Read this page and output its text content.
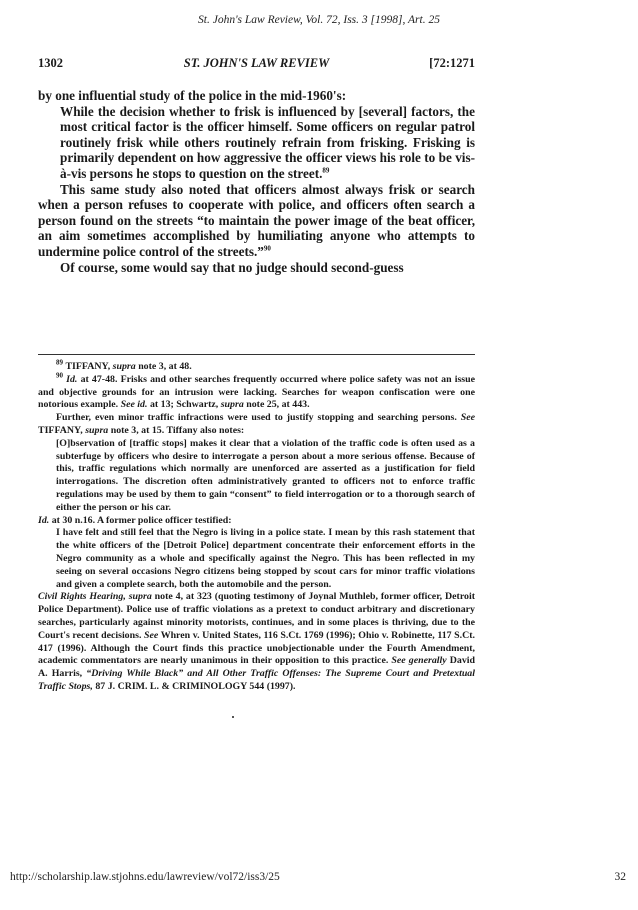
St. John's Law Review, Vol. 72, Iss. 3 [1998], Art. 25
1302	ST. JOHN'S LAW REVIEW	[72:1271

by one influential study of the police in the mid-1960's:

While the decision whether to frisk is influenced by [several] factors, the most critical factor is the officer himself. Some officers on regular patrol routinely frisk while others routinely refrain from frisking. Frisking is primarily dependent on how aggressive the officer views his role to be vis-à-vis persons he stops to question on the street.$^{89}$

This same study also noted that officers almost always frisk or search when a person refuses to cooperate with police, and officers often search a person found on the streets “to maintain the power image of the beat officer, an aim sometimes accomplished by humiliating anyone who attempts to undermine police control of the streets.”$^{90}$

Of course, some would say that no judge should second-guess

$^{89}$ TIFFANY, supra note 3, at 48.

$^{90}$ Id. at 47-48. Frisks and other searches frequently occurred where police safety was not an issue and objective grounds for an intrusion were lacking. Searches for weapon confiscation were one notorious example. See id. at 13; Schwartz, supra note 25, at 443.

Further, even minor traffic infractions were used to justify stopping and searching persons. See TIFFANY, supra note 3, at 15. Tiffany also notes:

[O]bservation of [traffic stops] makes it clear that a violation of the traffic code is often used as a subterfuge by officers who desire to interrogate a person about a more serious offense. Because of this, traffic regulations which normally are unenforced are asserted as a justification for field interrogations. The discretion often administratively granted to officers not to enforce traffic regulations may be used by them to gain “consent” to field interrogation or to a thorough search of either the person or his car.

Id. at 30 n.16. A former police officer testified:

I have felt and still feel that the Negro is living in a police state. I mean by this rash statement that the white officers of the [Detroit Police] department concentrate their enforcement efforts in the Negro community as a whole and specifically against the Negro. This has been reflected in my seeing on several occasions Negro citizens being stopped by scout cars for minor traffic violations and given a complete search, both the automobile and the person.

Civil Rights Hearing, supra note 4, at 323 (quoting testimony of Joynal Muthleb, former officer, Detroit Police Department). Police use of traffic violations as a pretext to conduct arbitrary and discretionary searches, particularly against minority motorists, continues, and in some places is thriving, due to the Court's recent decisions. See Whren v. United States, 116 S.Ct. 1769 (1996); Ohio v. Robinette, 117 S.Ct. 417 (1996). Although the Court finds this practice unobjectionable under the Fourth Amendment, academic commentators are nearly unanimous in their opposition to this practice. See generally David A. Harris, “Driving While Black” and All Other Traffic Offenses: The Supreme Court and Pretextual Traffic Stops, 87 J. CRIM. L. & CRIMINOLOGY 544 (1997).

http://scholarship.law.stjohns.edu/lawreview/vol72/iss3/25	32
